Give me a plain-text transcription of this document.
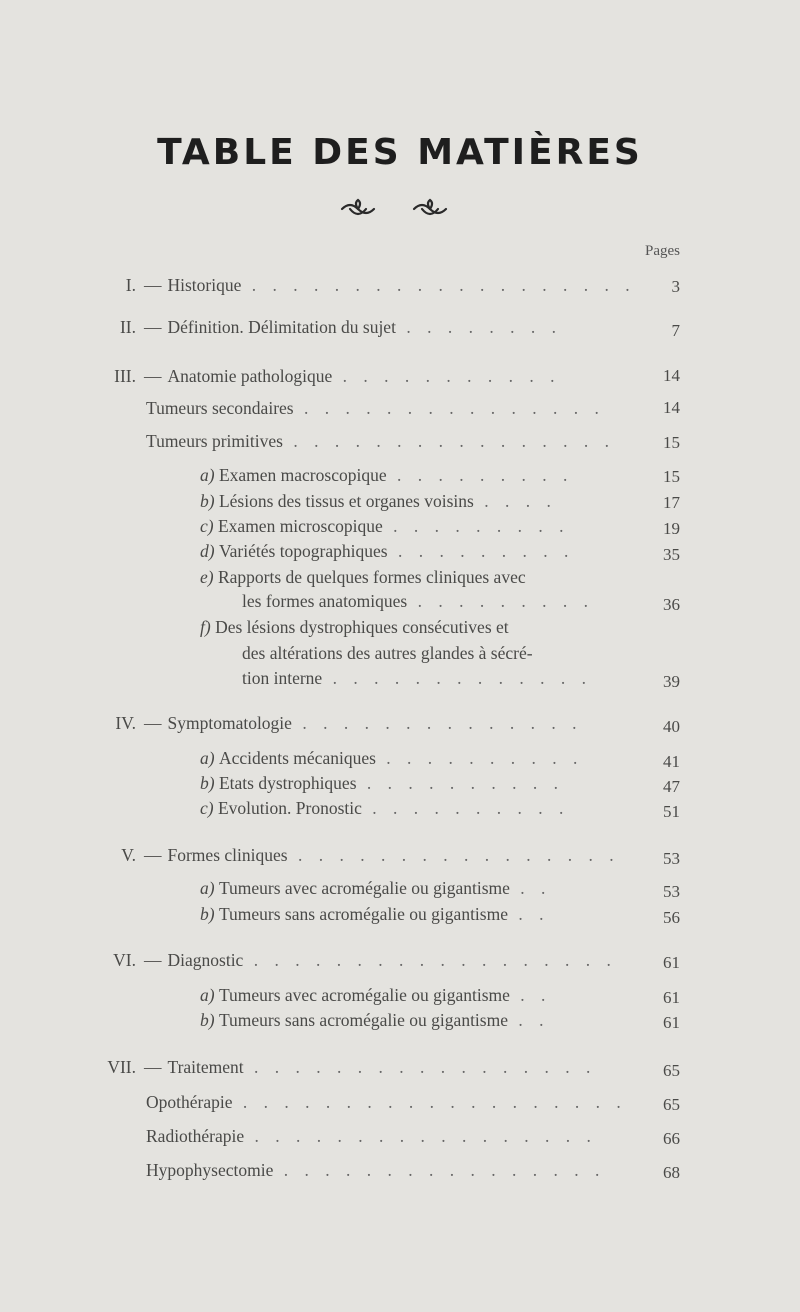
TABLE DES MATIÈRES
Pages
I. — Historique . . . . . . . . . . . . . . . . . . .	3
II. — Définition. Délimitation du sujet . . . . . . . .	7
III. — Anatomie pathologique . . . . . . . . . . .	14
Tumeurs secondaires . . . . . . . . . . . . . . .	14
Tumeurs primitives . . . . . . . . . . . . . . . .	15
a) Examen macroscopique . . . . . . . . .	15
b) Lésions des tissus et organes voisins . . . .	17
c) Examen microscopique . . . . . . . . .	19
d) Variétés topographiques . . . . . . . . .	35
e) Rapports de quelques formes cliniques avec
les formes anatomiques . . . . . . . . .	36
f) Des lésions dystrophiques consécutives et
des altérations des autres glandes à sécré-
tion interne . . . . . . . . . . . . .	39
IV. — Symptomatologie . . . . . . . . . . . . . .	40
a) Accidents mécaniques . . . . . . . . . .	41
b) Etats dystrophiques . . . . . . . . . .	47
c) Evolution. Pronostic . . . . . . . . . .	51
V. — Formes cliniques . . . . . . . . . . . . . . . .	53
a) Tumeurs avec acromégalie ou gigantisme . .	53
b) Tumeurs sans acromégalie ou gigantisme . .	56
VI. — Diagnostic . . . . . . . . . . . . . . . . . .	61
a) Tumeurs avec acromégalie ou gigantisme . .	61
b) Tumeurs sans acromégalie ou gigantisme . .	61
VII. — Traitement . . . . . . . . . . . . . . . . .	65
Opothérapie . . . . . . . . . . . . . . . . . . .	65
Radiothérapie . . . . . . . . . . . . . . . . .	66
Hypophysectomie . . . . . . . . . . . . . . . .	68
